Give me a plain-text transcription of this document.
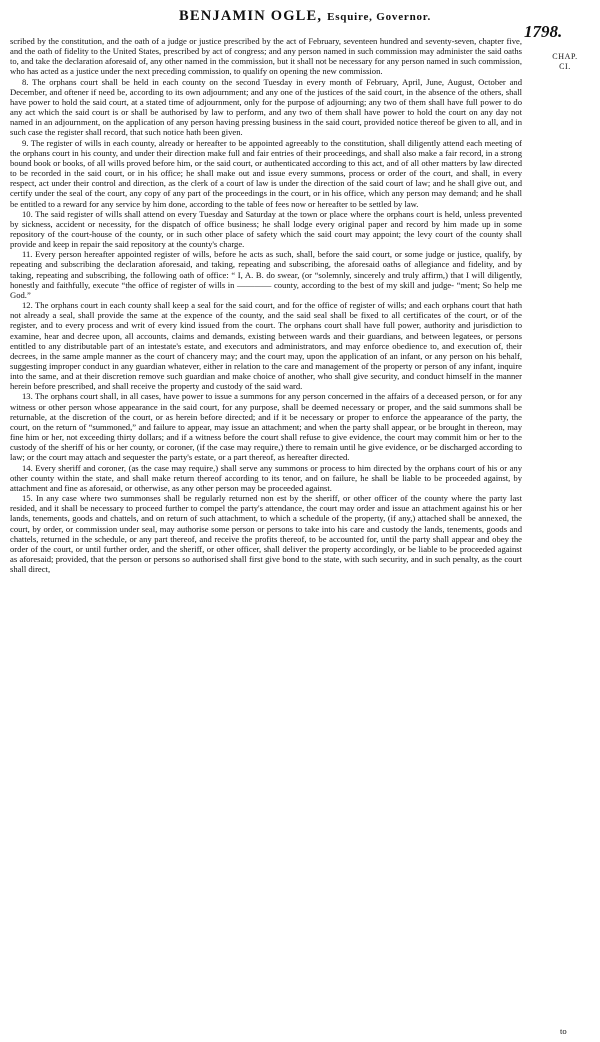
BENJAMIN OGLE, Esquire, Governor.
1798.
CHAP.
CI.

scribed by the constitution, and the oath of a judge or justice prescribed by the act of February, seventeen hundred and seventy-seven, chapter five, and the oath of fidelity to the United States, prescribed by act of congress; and any person named in such commission may administer the said oaths to, and take the declaration aforesaid of, any other named in the commission, but it shall not be necessary for any person named in such commission, who has acted as a justice under the next preceding commission, to qualify on opening the new commission.

8. The orphans court shall be held in each county on the second Tuesday in every month of February, April, June, August, October and December, and oftener if need be, according to its own adjournment; and any one of the justices of the said court, in the absence of the others, shall have power to hold the said court, at a stated time of adjournment, only for the purpose of adjourning; any two of them shall have full power to do any act which the said court is or shall be authorised by law to perform, and any two of them shall have power to hold the court on any day not named in an adjournment, on the application of any person having pressing business in the said court, provided notice thereof be given to all, and in such case the register shall record, that such notice hath been given.

9. The register of wills in each county, already or hereafter to be appointed agreeably to the constitution, shall diligently attend each meeting of the orphans court in his county, and under their direction make full and fair entries of their proceedings, and shall also make a fair record, in a strong bound book or books, of all wills proved before him, or the said court, or authenticated according to this act, and of all other matters by law directed to be recorded in the said court, or in his office; he shall make out and issue every summons, process or order of the court, and shall, in every respect, act under their control and direction, as the clerk of a court of law is under the direction of the said court of law; and he shall give out, and certify under the seal of the court, any copy of any part of the proceedings in the court, or in his office, which any person may demand; and he shall be entitled to a reward for any service by him done, according to the table of fees now or hereafter to be settled by law.

10. The said register of wills shall attend on every Tuesday and Saturday at the town or place where the orphans court is held, unless prevented by sickness, accident or necessity, for the dispatch of office business; he shall lodge every original paper and record by him made up in some repository of the court-house of the county, or in such other place of safety which the said court may appoint; the levy court of the county shall provide and keep in repair the said repository at the county's charge.

11. Every person hereafter appointed register of wills, before he acts as such, shall, before the said court, or some judge or justice, qualify, by repeating and subscribing the declaration aforesaid, and taking, repeating and subscribing, the aforesaid oaths of allegiance and fidelity, and by taking, repeating and subscribing, the following oath of office: “ I, A. B. do swear, (or “solemnly, sincerely and truly affirm,) that I will diligently, honestly and faithfully, execute “the office of register of wills in ———— county, according to the best of my skill and judge- “ment; So help me God.”

12. The orphans court in each county shall keep a seal for the said court, and for the office of register of wills; and each orphans court that hath not already a seal, shall provide the same at the expence of the county, and the said seal shall be fixed to all certificates of the court, or of the register, and to every process and writ of every kind issued from the court. The orphans court shall have full power, authority and jurisdiction to examine, hear and decree upon, all accounts, claims and demands, existing between wards and their guardians, and between legatees, or persons entitled to any distributable part of an intestate's estate, and executors and administrators, and may enforce obedience to, and execution of, their decrees, in the same ample manner as the court of chancery may; and the court may, upon the application of an infant, or any person on his behalf, suggesting improper conduct in any guardian whatever, either in relation to the care and management of the property or person of any infant, inquire into the same, and at their discretion remove such guardian and make choice of another, who shall give security, and conduct himself in the manner herein before prescribed, and shall receive the property and custody of the said ward.

13. The orphans court shall, in all cases, have power to issue a summons for any person concerned in the affairs of a deceased person, or for any witness or other person whose appearance in the said court, for any purpose, shall be deemed necessary or proper, and the said summons shall be returnable, at the discretion of the court, or as herein before directed; and if it be necessary or proper to enforce the appearance of the party, the court, on the return of “summoned,” and failure to appear, may issue an attachment; and when the party shall appear, or be brought in thereon, may fine him or her, not exceeding thirty dollars; and if a witness before the court shall refuse to give evidence, the court may commit him or her to the custody of the sheriff of his or her county, or coroner, (if the case may require,) there to remain until he give evidence, or be discharged according to law; or the court may attach and sequester the party's estate, or a part thereof, as hereafter directed.

14. Every sheriff and coroner, (as the case may require,) shall serve any summons or process to him directed by the orphans court of his or any other county within the state, and shall make return thereof according to its tenor, and on failure, he shall be liable to be proceeded against, by attachment and fine as aforesaid, or otherwise, as any other person may be proceeded against.

15. In any case where two summonses shall be regularly returned non est by the sheriff, or other officer of the county where the party last resided, and it shall be necessary to proceed further to compel the party's attendance, the court may order and issue an attachment against his or her lands, tenements, goods and chattels, and on return of such attachment, to which a schedule of the property, (if any,) attached shall be annexed, the court, by order, or commission under seal, may authorise some person or persons to take into his care and custody the lands, tenements, goods and chattels, returned in the schedule, or any part thereof, and receive the profits thereof, to be accounted for, until the party shall appear and obey the order of the court, or until further order, and the sheriff, or other officer, shall deliver the property accordingly, or be liable to be proceeded against as aforesaid; provided, that the person or persons so authorised shall first give bond to the state, with such security, and in such penalty, as the court shall direct,

to
